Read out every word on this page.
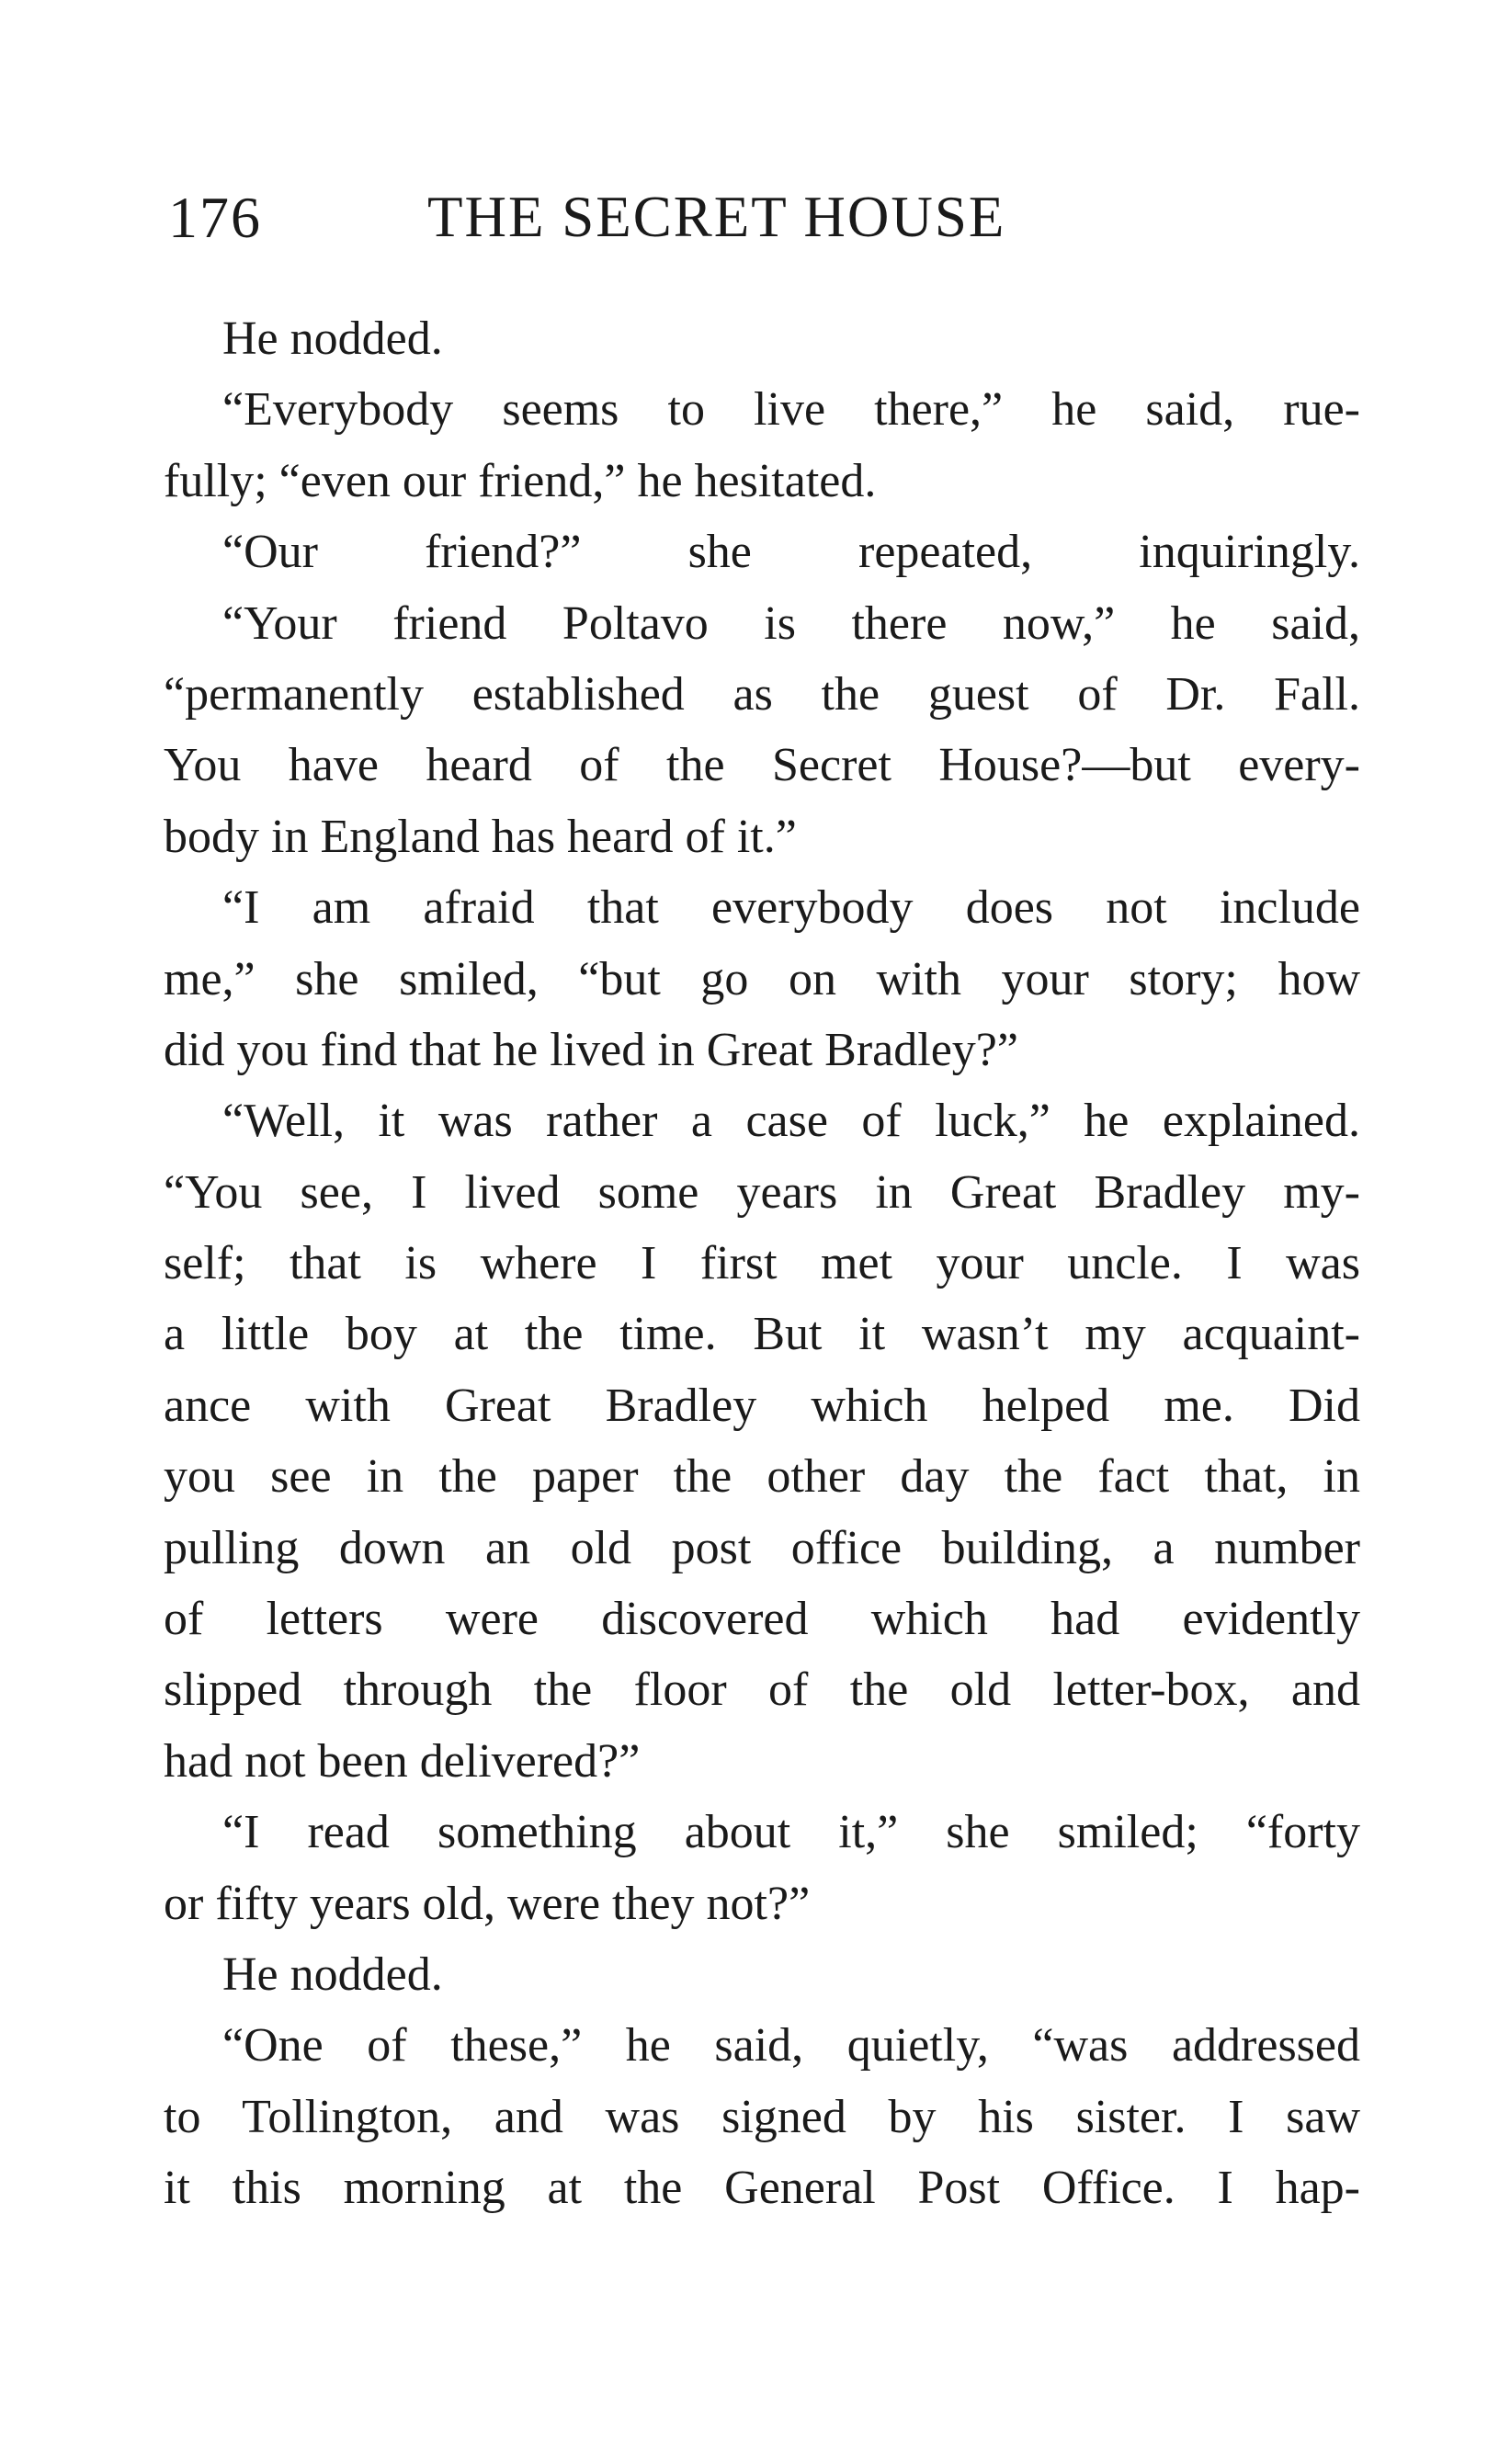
176	THE SECRET HOUSE
He nodded.
“Everybody seems to live there,” he said, rue-
fully; “even our friend,” he hesitated.
“Our friend?” she repeated, inquiringly.
“Your friend Poltavo is there now,” he said,
“permanently established as the guest of Dr. Fall.
You have heard of the Secret House?—but every-
body in England has heard of it.”
“I am afraid that everybody does not include
me,” she smiled, “but go on with your story; how
did you find that he lived in Great Bradley?”
“Well, it was rather a case of luck,” he explained.
“You see, I lived some years in Great Bradley my-
self; that is where I first met your uncle. I was
a little boy at the time. But it wasn’t my acquaint-
ance with Great Bradley which helped me. Did
you see in the paper the other day the fact that, in
pulling down an old post office building, a number
of letters were discovered which had evidently
slipped through the floor of the old letter-box, and
had not been delivered?”
“I read something about it,” she smiled; “forty
or fifty years old, were they not?”
He nodded.
“One of these,” he said, quietly, “was addressed
to Tollington, and was signed by his sister. I saw
it this morning at the General Post Office. I hap-
